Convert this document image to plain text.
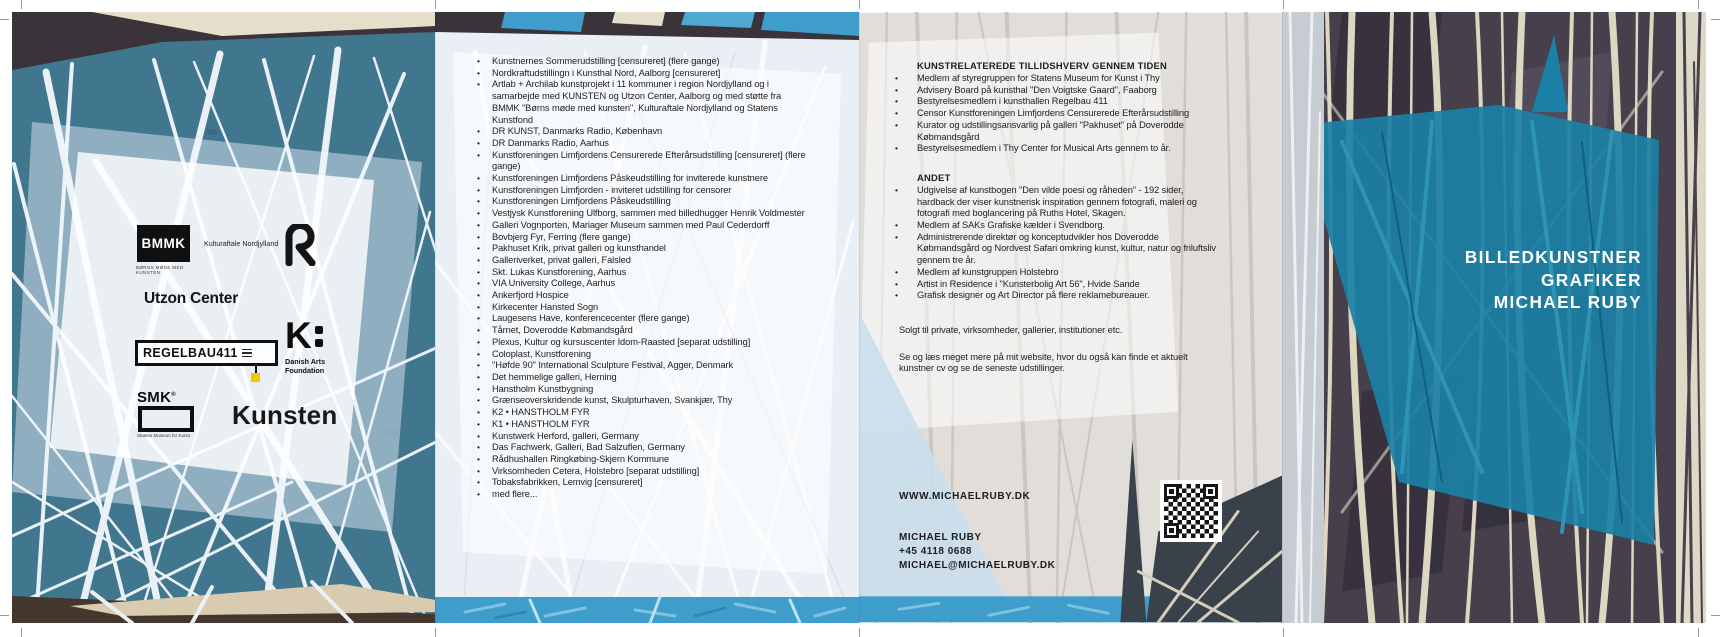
BMMK
BØRNS MØDE MED KUNSTEN
Kulturaftale Nordjylland
Utzon Center
REGELBAU411 K
Danish Arts
Foundation
SMK®
Statens Museum for Kunst
Kunsten
•	Kunstnernes Sommerudstilling [censureret] (flere gange)
•	Nordkraftudstillingn i Kunsthal Nord, Aalborg [censureret]
•	Artlab + Archilab kunstprojekt i 11 kommuner i region Nordjylland og i samarbejde med KUNSTEN og Utzon Center, Aalborg og med støtte fra BMMK "Børns møde med kunsten", Kulturaftale Nordjylland og Statens Kunstfond
•	DR KUNST, Danmarks Radio, København
•	DR Danmarks Radio, Aarhus
•	Kunstforeningen Limfjordens Censurerede Efterårsudstilling [censureret] (flere gange)
•	Kunstforeningen Limfjordens Påskeudstilling for inviterede kunstnere
•	Kunstforeningen Limfjorden - inviteret udstilling for censorer
•	Kunstforeningen Limfjordens Påskeudstilling
•	Vestjysk Kunstforening Ulfborg, sammen med billedhugger Henrik Voldmester
•	Galleri Vognporten, Mariager Museum sammen med Paul Cederdorff
•	Bovbjerg Fyr, Ferring (flere gange)
•	Pakhuset Krik, privat galleri og kunsthandel
•	Galleriverket, privat galleri, Falsled
•	Skt. Lukas Kunstforening, Aarhus
•	VIA University College, Aarhus
•	Ankerfjord Hospice
•	Kirkecenter Hansted Sogn
•	Laugesens Have, konferencecenter (flere gange)
•	Tårnet, Doverodde Købmandsgård
•	Plexus, Kultur og kursuscenter Idom-Raasted [separat udstilling]
•	Coloplast, Kunstforening
•	"Høfde 90" International Sculpture Festival, Agger, Denmark
•	Det hemmelige galleri, Herning
•	Hanstholm Kunstbygning
•	Grænseoverskridende kunst, Skulpturhaven, Svankjær, Thy
•	K2 • HANSTHOLM FYR
•	K1 • HANSTHOLM FYR
•	Kunstwerk Herford, galleri, Germany
•	Das Fachwerk, Galleri, Bad Salzuflen, Germany
•	Rådhushallen Ringkøbing-Skjern Kommune
•	Virksomheden Cetera, Holstebro [separat udstilling]
•	Tobaksfabrikken, Lemvig [censureret]
•	med flere...
KUNSTRELATEREDE TILLIDSHVERV GENNEM TIDEN
•	Medlem af styregruppen for Statens Museum for Kunst i Thy
•	Advisery Board på kunsthal "Den Voigtske Gaard", Faaborg
•	Bestyrelsesmedlem i kunsthallen Regelbau 411
•	Censor Kunstforeningen Limfjordens Censurerede Efterårsudstilling
•	Kurator og udstillingsansvarlig på galleri "Pakhuset" på Doverodde Købmandsgård
•	Bestyrelsesmedlem i Thy Center for Musical Arts gennem to år.
ANDET
•	Udgivelse af kunstbogen "Den vilde poesi og råheden" - 192 sider, hardback der viser kunstnerisk inspiration gennem fotografi, maleri og fotografi med boglancering på Ruths Hotel, Skagen.
•	Medlem af SAKs Grafiske kælder i Svendborg.
•	Administrerende direktør og konceptudvikler hos Doverodde Købmandsgård og Nordvest Safari omkring kunst, kultur, natur og friluftsliv gennem tre år.
•	Medlem af kunstgruppen Holstebro
•	Artist in Residence i "Kunsterbolig Art 56", Hvide Sande
•	Grafisk designer og Art Director på flere reklamebureauer.
Solgt til private, virksomheder, gallerier, institutioner etc.
Se og læs meget mere på mit website, hvor du også kan finde et aktuelt kunstner cv og se de seneste udstillinger.
WWW.MICHAELRUBY.DK
MICHAEL RUBY
+45 4118 0688
MICHAEL@MICHAELRUBY.DK
BILLEDKUNSTNER
GRAFIKER
MICHAEL RUBY
